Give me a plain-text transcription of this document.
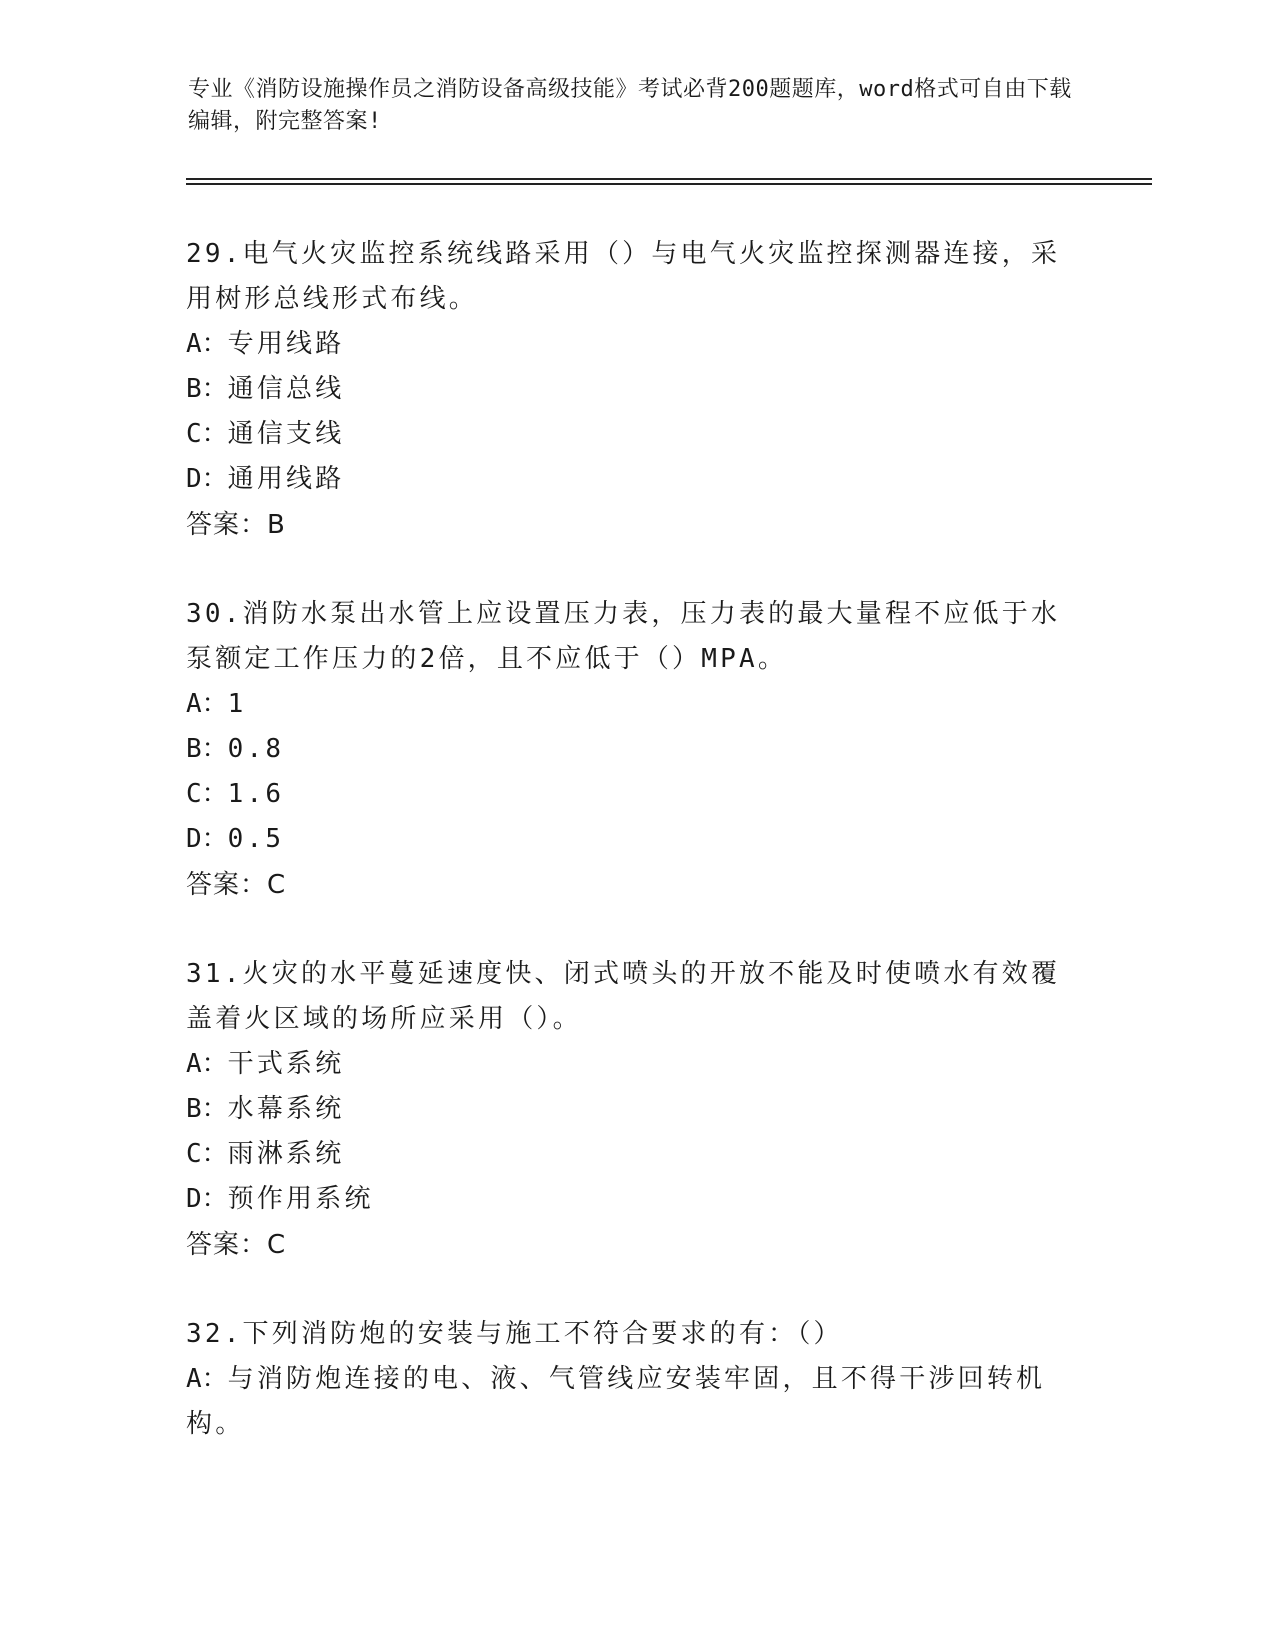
专业《消防设施操作员之消防设备高级技能》考试必背200题题库，word格式可自由下载编辑，附完整答案!

29.电气火灾监控系统线路采用（）与电气火灾监控探测器连接，采用树形总线形式布线。

A：专用线路

B：通信总线

C：通信支线

D：通用线路

答案：B

30.消防水泵出水管上应设置压力表，压力表的最大量程不应低于水泵额定工作压力的2倍，且不应低于（）MPA。

A：1

B：0.8

C：1.6

D：0.5

答案：C

31.火灾的水平蔓延速度快、闭式喷头的开放不能及时使喷水有效覆盖着火区域的场所应采用（）。

A：干式系统

B：水幕系统

C：雨淋系统

D：预作用系统

答案：C

32.下列消防炮的安装与施工不符合要求的有：（）

A：与消防炮连接的电、液、气管线应安装牢固，且不得干涉回转机构。
